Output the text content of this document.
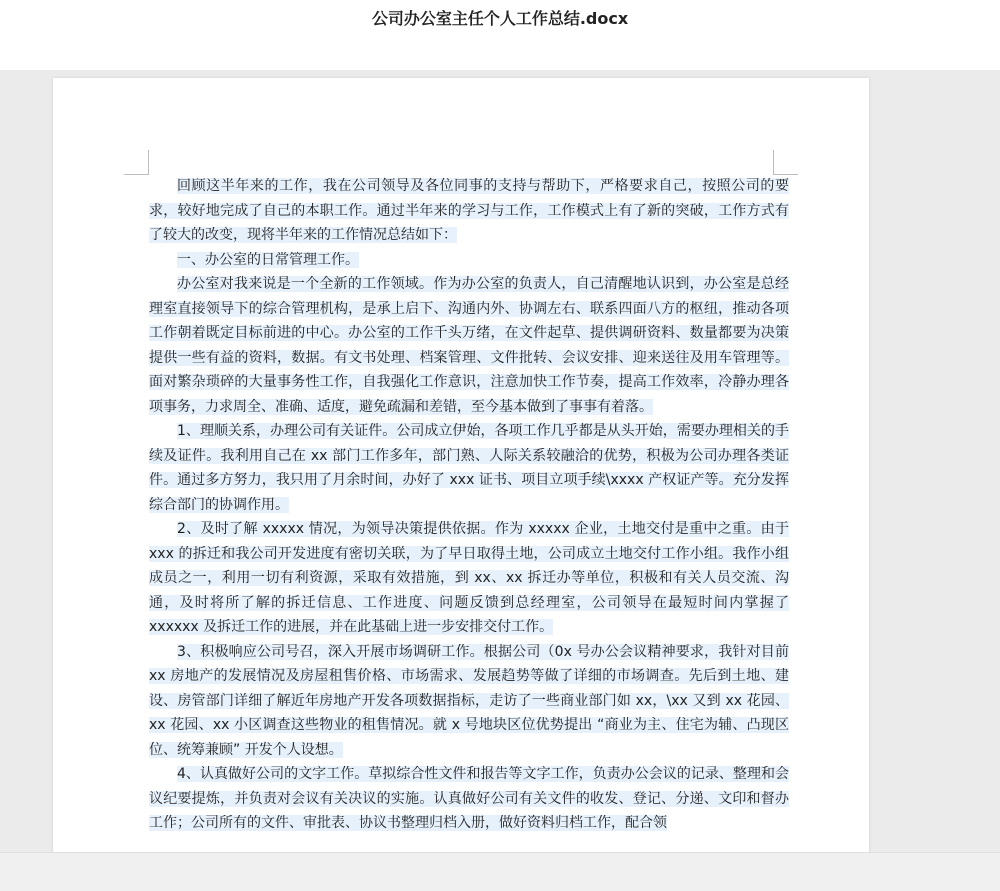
公司办公室主任个人工作总结.docx

回顾这半年来的工作，我在公司领导及各位同事的支持与帮助下，严格要求自己，按照公司的要求，较好地完成了自己的本职工作。通过半年来的学习与工作，工作模式上有了新的突破，工作方式有了较大的改变，现将半年来的工作情况总结如下：

一、办公室的日常管理工作。

办公室对我来说是一个全新的工作领域。作为办公室的负责人，自己清醒地认识到，办公室是总经理室直接领导下的综合管理机构，是承上启下、沟通内外、协调左右、联系四面八方的枢纽，推动各项工作朝着既定目标前进的中心。办公室的工作千头万绪，在文件起草、提供调研资料、数量都要为决策提供一些有益的资料，数据。有文书处理、档案管理、文件批转、会议安排、迎来送往及用车管理等。面对繁杂琐碎的大量事务性工作，自我强化工作意识，注意加快工作节奏，提高工作效率，冷静办理各项事务，力求周全、准确、适度，避免疏漏和差错，至今基本做到了事事有着落。

1、理顺关系，办理公司有关证件。公司成立伊始，各项工作几乎都是从头开始，需要办理相关的手续及证件。我利用自己在 xx 部门工作多年，部门熟、人际关系较融洽的优势，积极为公司办理各类证件。通过多方努力，我只用了月余时间，办好了 xxx 证书、项目立项手续\xxxx 产权证产等。充分发挥综合部门的协调作用。

2、及时了解 xxxxx 情况，为领导决策提供依据。作为 xxxxx 企业，土地交付是重中之重。由于 xxx 的拆迁和我公司开发进度有密切关联，为了早日取得土地，公司成立土地交付工作小组。我作小组成员之一，利用一切有利资源，采取有效措施，到 xx、xx 拆迁办等单位，积极和有关人员交流、沟通，及时将所了解的拆迁信息、工作进度、问题反馈到总经理室，公司领导在最短时间内掌握了 xxxxxx 及拆迁工作的进展，并在此基础上进一步安排交付工作。

3、积极响应公司号召，深入开展市场调研工作。根据公司（0x 号办公会议精神要求，我针对目前 xx 房地产的发展情况及房屋租售价格、市场需求、发展趋势等做了详细的市场调查。先后到土地、建设、房管部门详细了解近年房地产开发各项数据指标，走访了一些商业部门如 xx，\xx 又到 xx 花园、xx 花园、xx 小区调查这些物业的租售情况。就 x 号地块区位优势提出 “商业为主、住宅为辅、凸现区位、统筹兼顾” 开发个人设想。

4、认真做好公司的文字工作。草拟综合性文件和报告等文字工作，负责办公会议的记录、整理和会议纪要提炼，并负责对会议有关决议的实施。认真做好公司有关文件的收发、登记、分递、文印和督办工作；公司所有的文件、审批表、协议书整理归档入册，做好资料归档工作，配合领
